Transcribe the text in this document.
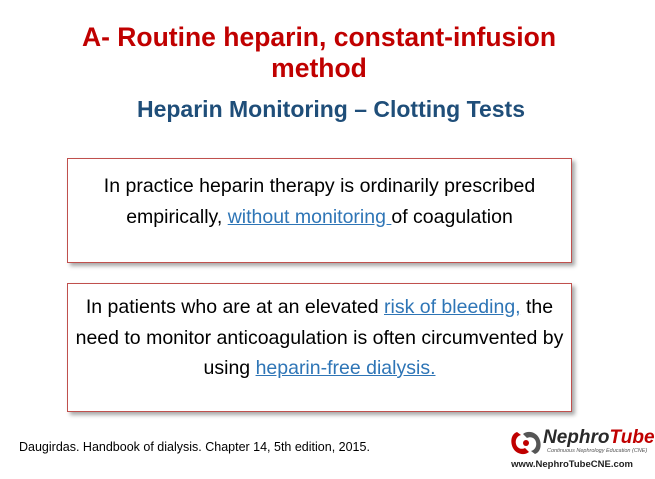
A- Routine heparin, constant-infusion
method
Heparin Monitoring – Clotting Tests
In practice heparin therapy is ordinarily prescribed empirically, without monitoring of coagulation
In patients who are at an elevated risk of bleeding, the need to monitor anticoagulation is often circumvented by using heparin-free dialysis.
Daugirdas. Handbook of dialysis. Chapter 14, 5th edition, 2015.	NephroTube
Continuous Nephrology Education (CNE)
www.NephroTubeCNE.com
